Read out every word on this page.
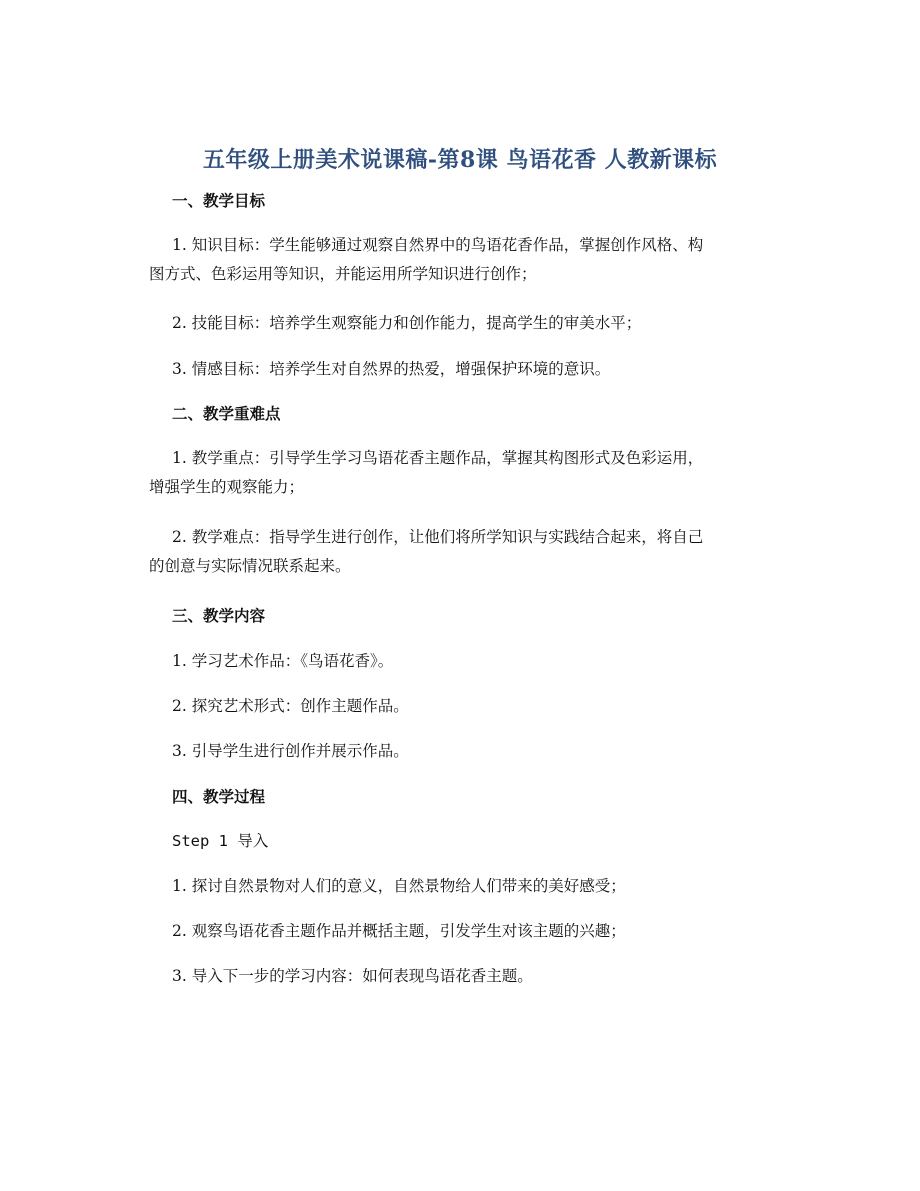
五年级上册美术说课稿-第8课 鸟语花香 人教新课标
一、教学目标
1. 知识目标：学生能够通过观察自然界中的鸟语花香作品，掌握创作风格、构
图方式、色彩运用等知识，并能运用所学知识进行创作；
2. 技能目标：培养学生观察能力和创作能力，提高学生的审美水平；
3. 情感目标：培养学生对自然界的热爱，增强保护环境的意识。
二、教学重难点
1. 教学重点：引导学生学习鸟语花香主题作品，掌握其构图形式及色彩运用，
增强学生的观察能力；
2. 教学难点：指导学生进行创作，让他们将所学知识与实践结合起来，将自己
的创意与实际情况联系起来。
三、教学内容
1. 学习艺术作品：《鸟语花香》。
2. 探究艺术形式：创作主题作品。
3. 引导学生进行创作并展示作品。
四、教学过程
Step 1 导入
1. 探讨自然景物对人们的意义，自然景物给人们带来的美好感受；
2. 观察鸟语花香主题作品并概括主题，引发学生对该主题的兴趣；
3. 导入下一步的学习内容：如何表现鸟语花香主题。
